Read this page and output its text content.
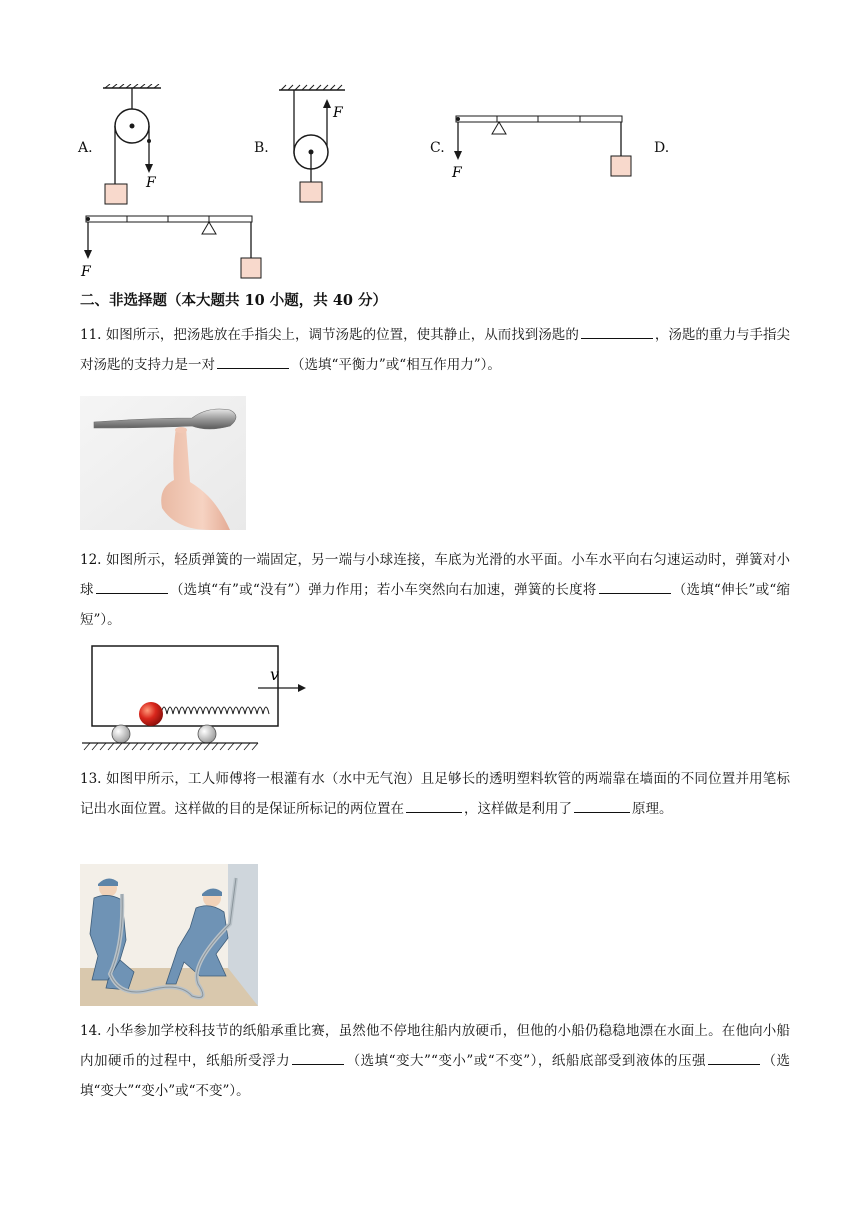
A.	B.	C.	D.
F
F
F
F
二、非选择题（本大题共 10 小题，共 40 分）
11. 如图所示，把汤匙放在手指尖上，调节汤匙的位置，使其静止，从而找到汤匙的	，汤匙的重力与手指尖对汤匙的支持力是一对	（选填“平衡力”或“相互作用力”）。
12. 如图所示，轻质弹簧的一端固定，另一端与小球连接，车底为光滑的水平面。小车水平向右匀速运动时，弹簧对小球	（选填“有”或“没有”）弹力作用；若小车突然向右加速，弹簧的长度将	（选填“伸长”或“缩短”）。
v
13. 如图甲所示，工人师傅将一根灌有水（水中无气泡）且足够长的透明塑料软管的两端靠在墙面的不同位置并用笔标记出水面位置。这样做的目的是保证所标记的两位置在	，这样做是利用了	原理。
14. 小华参加学校科技节的纸船承重比赛，虽然他不停地往船内放硬币，但他的小船仍稳稳地漂在水面上。在他向小船内加硬币的过程中，纸船所受浮力	（选填“变大”“变小”或“不变”），纸船底部受到液体的压强	（选填“变大”“变小”或“不变”）。
